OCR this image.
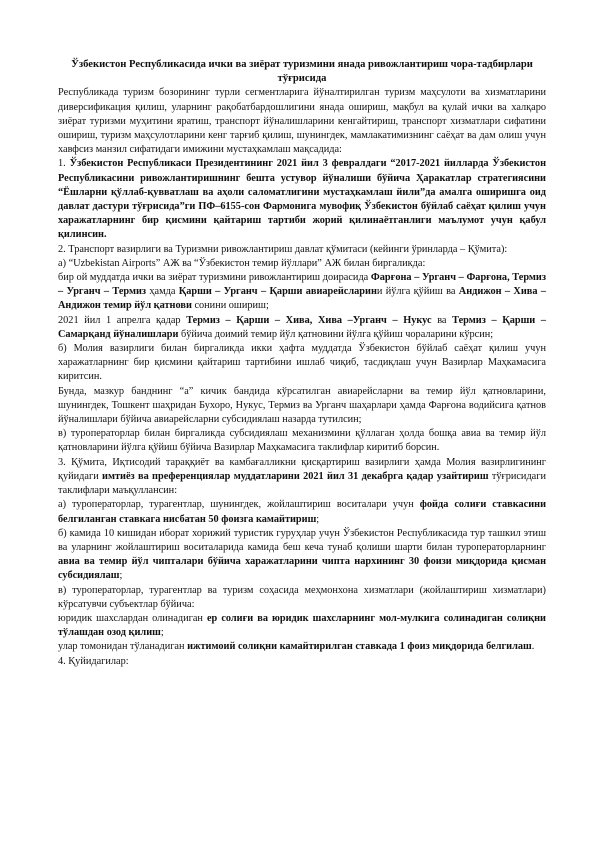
Ўзбекистон Республикасида ички ва зиёрат туризмини янада ривожлантириш чора-тадбирлари тўғрисида

Республикада туризм бозорининг турли сегментларига йўналтирилган туризм маҳсулоти ва хизматларини диверсификация қилиш, уларнинг рақобатбардошлигини янада ошириш, мақбул ва қулай ички ва халқаро зиёрат туризми муҳитини яратиш, транспорт йўналишларини кенгайтириш, транспорт хизматлари сифатини ошириш, туризм маҳсулотларини кенг тарғиб қилиш, шунингдек, мамлакатимизнинг саёҳат ва дам олиш учун хавфсиз манзил сифатидаги имижини мустаҳкамлаш мақсадида:

1. Ўзбекистон Республикаси Президентининг 2021 йил 3 февралдаги “2017-2021 йилларда Ўзбекистон Республикасини ривожлантиришнинг бешта устувор йўналиши бўйича Ҳаракатлар стратегиясини “Ёшларни қўллаб-қувватлаш ва аҳоли саломатлигини мустаҳкамлаш йили”да амалга оширишга оид давлат дастури тўғрисида”ги ПФ–6155-сон Фармонига мувофиқ Ўзбекистон бўйлаб саёҳат қилиш учун харажатларнинг бир қисмини қайтариш тартиби жорий қилинаётганлиги маълумот учун қабул қилинсин.

2. Транспорт вазирлиги ва Туризмни ривожлантириш давлат қўмитаси (кейинги ўринларда – Қўмита):

а) “Uzbekistan Airports” АЖ ва “Ўзбекистон темир йўллари” АЖ билан биргаликда:

бир ой муддатда ички ва зиёрат туризмини ривожлантириш доирасида Фарғона – Урганч – Фарғона, Термиз – Урганч – Термиз ҳамда Қарши – Урганч – Қарши авиарейсларини йўлга қўйиш ва Андижон – Хива – Андижон темир йўл қатнови сонини ошириш;

2021 йил 1 апрелга қадар Термиз – Қарши – Хива, Хива –Урганч – Нукус ва Термиз – Қарши – Самарқанд йўналишлари бўйича доимий темир йўл қатновини йўлга қўйиш чораларини кўрсин;

б) Молия вазирлиги билан биргаликда икки ҳафта муддатда Ўзбекистон бўйлаб саёҳат қилиш учун харажатларнинг бир қисмини қайтариш тартибини ишлаб чиқиб, тасдиқлаш учун Вазирлар Маҳкамасига киритсин.

Бунда, мазкур банднинг “а” кичик бандида кўрсатилган авиарейсларни ва темир йўл қатновларини, шунингдек, Тошкент шаҳридан Бухоро, Нукус, Термиз ва Урганч шаҳарлари ҳамда Фарғона водийсига қатнов йўналишлари бўйича авиарейсларни субсидиялаш назарда тутилсин;

в) туроператорлар билан биргаликда субсидиялаш механизмини қўллаган ҳолда бошқа авиа ва темир йўл қатновларини йўлга қўйиш бўйича Вазирлар Маҳкамасига таклифлар киритиб борсин.

3. Қўмита, Иқтисодий тараққиёт ва камбағалликни қисқартириш вазирлиги ҳамда Молия вазирлигининг қуйидаги имтиёз ва преференциялар муддатларини 2021 йил 31 декабрга қадар узайтириш тўғрисидаги таклифлари маъқуллансин:

а) туроператорлар, турагентлар, шунингдек, жойлаштириш воситалари учун фойда солиғи ставкасини белгиланган ставкага нисбатан 50 фоизга камайтириш;

б) камида 10 кишидан иборат хорижий туристик гуруҳлар учун Ўзбекистон Республикасида тур ташкил этиш ва уларнинг жойлаштириш воситаларида камида беш кеча тунаб қолиши шарти билан туроператорларнинг авиа ва темир йўл чипталари бўйича харажатларини чипта нархининг 30 фоизи миқдорида қисман субсидиялаш;

в) туроператорлар, турагентлар ва туризм соҳасида меҳмонхона хизматлари (жойлаштириш хизматлари) кўрсатувчи субъектлар бўйича:

юридик шахслардан олинадиган ер солиғи ва юридик шахсларнинг мол-мулкига солинадиган солиқни тўлашдан озод қилиш;

улар томонидан тўланадиган ижтимоий солиқни камайтирилган ставкада 1 фоиз миқдорида белгилаш.

4. Қуйидагилар:
